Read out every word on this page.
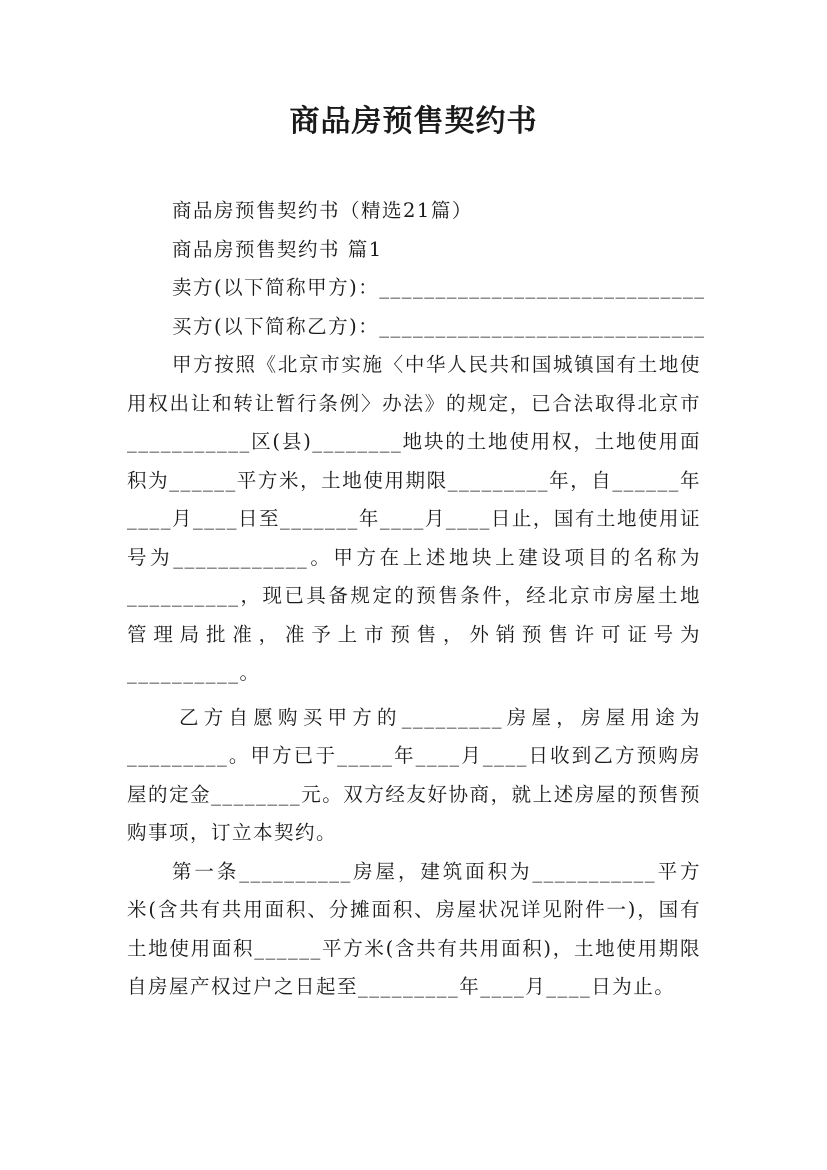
商品房预售契约书

商品房预售契约书（精选21篇）

商品房预售契约书 篇1

卖方(以下简称甲方)：_____________________________

买方(以下简称乙方)：_____________________________

甲方按照《北京市实施〈中华人民共和国城镇国有土地使用权出让和转让暂行条例〉办法》的规定，已合法取得北京市___________区(县)________地块的土地使用权，土地使用面积为______平方米，土地使用期限_________年，自______年____月____日至_______年____月____日止，国有土地使用证号为____________。甲方在上述地块上建设项目的名称为__________，现已具备规定的预售条件，经北京市房屋土地管理局批准，准予上市预售，外销预售许可证号为__________。

乙方自愿购买甲方的_________房屋，房屋用途为_________。甲方已于_____年____月____日收到乙方预购房屋的定金________元。双方经友好协商，就上述房屋的预售预购事项，订立本契约。

第一条__________房屋，建筑面积为___________平方米(含共有共用面积、分摊面积、房屋状况详见附件一)，国有土地使用面积______平方米(含共有共用面积)，土地使用期限自房屋产权过户之日起至_________年____月____日为止。
